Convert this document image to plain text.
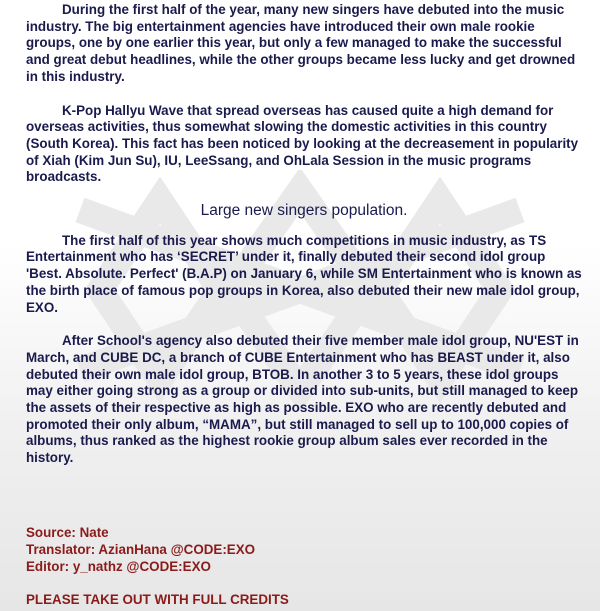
During the first half of the year, many new singers have debuted into the music industry. The big entertainment agencies have introduced their own male rookie groups, one by one earlier this year, but only a few managed to make the successful and great debut headlines, while the other groups became less lucky and get drowned in this industry.

K-Pop Hallyu Wave that spread overseas has caused quite a high demand for overseas activities, thus somewhat slowing the domestic activities in this country (South Korea). This fact has been noticed by looking at the decreasement in popularity of Xiah (Kim Jun Su), IU, LeeSsang, and OhLala Session in the music programs broadcasts.

Large new singers population.

The first half of this year shows much competitions in music industry, as TS Entertainment who has ‘SECRET’ under it, finally debuted their second idol group 'Best. Absolute. Perfect' (B.A.P) on January 6, while SM Entertainment who is known as the birth place of famous pop groups in Korea, also debuted their new male idol group, EXO.

After School's agency also debuted their five member male idol group, NU'EST in March, and CUBE DC, a branch of CUBE Entertainment who has BEAST under it, also debuted their own male idol group, BTOB. In another 3 to 5 years, these idol groups may either going strong as a group or divided into sub-units, but still managed to keep the assets of their respective as high as possible. EXO who are recently debuted and promoted their only album, “MAMA”, but still managed to sell up to 100,000 copies of albums, thus ranked as the highest rookie group album sales ever recorded in the history.

Source: Nate
Translator: AzianHana @CODE:EXO
Editor: y_nathz @CODE:EXO
PLEASE TAKE OUT WITH FULL CREDITS
